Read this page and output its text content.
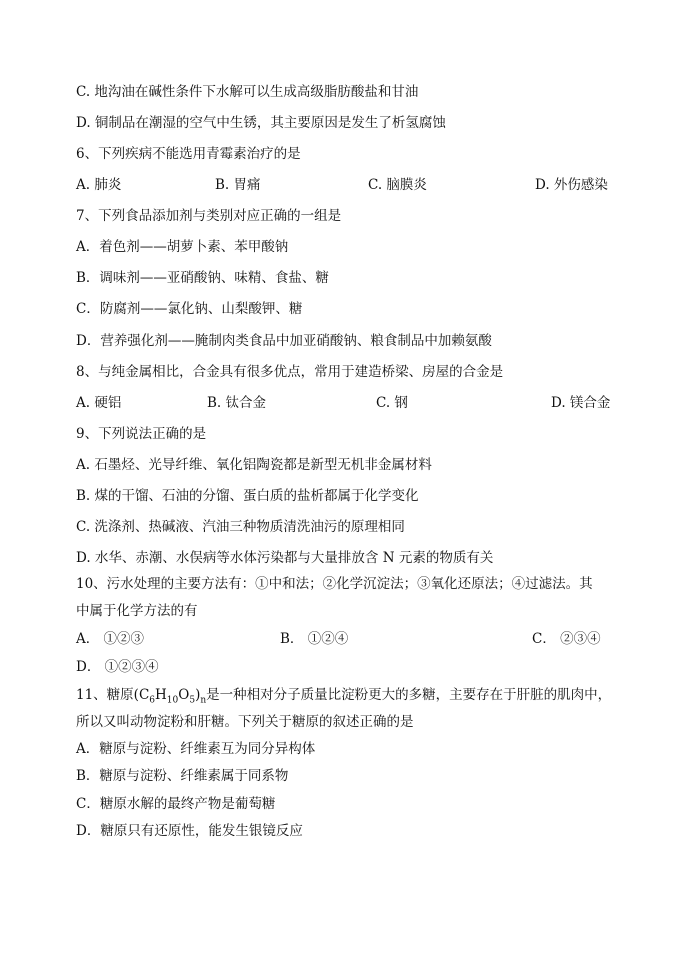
C. 地沟油在碱性条件下水解可以生成高级脂肪酸盐和甘油
D. 铜制品在潮湿的空气中生锈，其主要原因是发生了析氢腐蚀
6、下列疾病不能选用青霉素治疗的是
A. 肺炎	B. 胃痛	C. 脑膜炎	D. 外伤感染
7、下列食品添加剂与类别对应正确的一组是
A．着色剂——胡萝卜素、苯甲酸钠
B．调味剂——亚硝酸钠、味精、食盐、糖
C．防腐剂——氯化钠、山梨酸钾、糖
D．营养强化剂——腌制肉类食品中加亚硝酸钠、粮食制品中加赖氨酸
8、与纯金属相比，合金具有很多优点，常用于建造桥梁、房屋的合金是
A. 硬铝	B. 钛合金	C. 钢	D. 镁合金
9、下列说法正确的是
A. 石墨烃、光导纤维、氧化铝陶瓷都是新型无机非金属材料
B. 煤的干馏、石油的分馏、蛋白质的盐析都属于化学变化
C. 洗涤剂、热碱液、汽油三种物质清洗油污的原理相同
D. 水华、赤潮、水俣病等水体污染都与大量排放含 N 元素的物质有关
10、污水处理的主要方法有：①中和法；②化学沉淀法；③氧化还原法；④过滤法。其
中属于化学方法的有
A． ①②③	B． ①②④	C． ②③④
D． ①②③④
11、糖原$(C_6H_{10}O_5)_n$是一种相对分子质量比淀粉更大的多糖，主要存在于肝脏的肌肉中，
所以又叫动物淀粉和肝糖。下列关于糖原的叙述正确的是
A．糖原与淀粉、纤维素互为同分异构体
B．糖原与淀粉、纤维素属于同系物
C．糖原水解的最终产物是葡萄糖
D．糖原只有还原性，能发生银镜反应
